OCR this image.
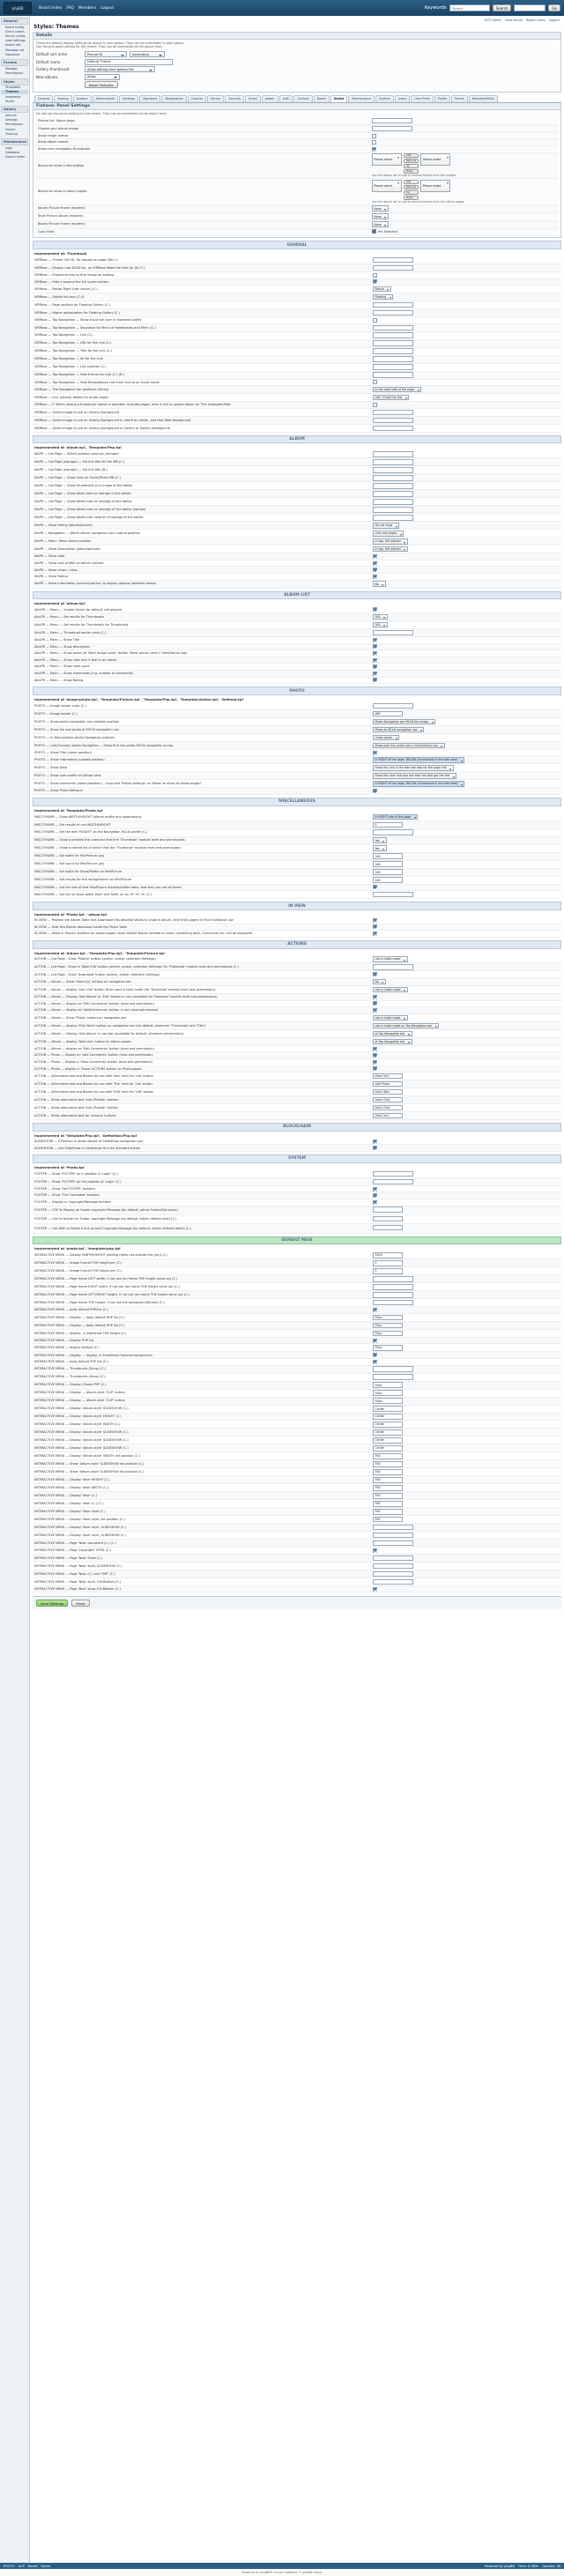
phpBB	Board index FAQ Members Logout	Keywords
Search…	Search	Go
General
Board config
Client comm.
Server config
Load settings
Avatar set.
Message set.
Signature
Forums
Manage
Permissions
Styles
Templates
Themes
Imagesets
Styles
Gallery
Albums
Settings
Permissions
Import
Cleanup
Maintenance
Logs
Database
Search index
ACP Home View forum Board index Logout
Styles: Themes
Details
These are default display settings for above in your gallery. They can be overridden in each album.
Use the grid panel setting for the theme. They can be overridden at the above level.
Default sort order	Picture ID	Ascending
Default name	Default Theme
Gallery thumbnails	Allow editing from gallery file
New albums	Allow
Reset Defaults
General	Posting	Avatars	Attachments	Settings	Signature	Registration	Cookies	Server	Security	Email	Jabber	Auth	Contact	Board	Styles	Maintenance	System	Users	User Prefs	Profile	Perms	Modules/MODs
Fishave: Panel Settings
Do not use the panel setting for this theme. They can be overridden at the album level.
Picture list: Album page	

Choose your album image	

Show image names	

Show album names	

Show error navigation thumbnails	

Blocks for show in the sidebar	
Please select
Add
Remove
Up
Down
Please select
Use the above list to add or remove blocks from the sidebar

Blocks for show in album pages	
Please select
Add
Remove
Up
Down
Please select
Use the above list to add or remove blocks from the album pages

Album Picture Frame (modern)	None

Style Picture Album (modern)	None

Blocks Picture Frame (modern)	None

Color Field	Pre-Selected
GENERAL
Implemented at: Thumbnail
VIRRbox — 'Frame' DIV ID, for display on page (Tab 1.)	

VIRRbox — Display how DIVID for, on VIRRbox Make the limit for (B.17.)	

VIRRbox — Expand similar to title image on loading	

VIRRbox — Hide a expand the full screen button	

VIRRbox — Resize Right (tab: album) (C.)	Resize

VIRRbox — Visible full bars (C.4)	Floating

VIRRbox — Page position for Floating Gallery (C.)	

VIRRbox — Higher optimization for Floating Gallery (C.)	

VIRRbox — Top Navigation — Show shout the user in Standard profile	

VIRRbox — Top Navigation — Separator for Menu of headboards and Menu (C.)	

VIRRbox — Top Navigation — Link (C.)	

VIRRbox — Top Navigation — URL for the Link (C.)	

VIRRbox — Top Navigation — Title for the Link (C.)	

VIRRbox — Top Navigation — Alt for the Link	

VIRRbox — Top Navigation — Link position (C.)	

VIRRbox — Top Navigation — Hide this to the Link (C.) (B.)	

VIRRbox — Top Navigation — Hide Below/Above Link from thumb on Guest mode	

VIRRbox — The Navigation bar positions (items)	In the right side of the page

VIRRbox — Link (Above) details for photo pages	Left / Email the link

VIRRbox — If 'When raising a thumbnail' above is selected, at photo pages, alter a link to upload album on 'The Instagram/Site'	

VIRRbox — Select image to use on Gallery Background	

VIRRbox — Select Image to use on Gallery Background in intent on album, and that Web Background	

VIRRbox — Select Image to use on Gallery background in Gallery or Gallery background	
ALBUM
Implemented at 'album.tpl', 'Template/Php.tpl'
AlbPR — List Page — Which address columns (storage)	

AlbPR — List Page (storage) — Set link title for the MB (C.)	

AlbPR — List Page (storage) — Set link title (B.)	

AlbPR — List Page — Show links on Guest/Photo MB (C.)	

AlbPR — List Page — Show thumbnails on a image of the tables	

AlbPR — List Page — Show table sizes on storage of the tables	

AlbPR — List Page — Show tables size on strongly of the tables	

AlbPR — List Page — Show tables size on strongly of the tables (narrow)	

AlbPR — List Page — Show tables size used on of storage of the tables	

AlbPR — Show Rating (album/picture)	Do not show

AlbPR — Navigation — Which album navigation your submit position	Lists and pages

AlbPR — Menu: Menu Select position	In top, left aligned

AlbPR — Show Description (album/picture)	In top, left aligned

AlbPR — Show date	

AlbPR — Show user profile on Admin content	

AlbPR — Show views / visits	

AlbPR — Show Rating	

AlbPR — Show information (admin/position) to display options (detailed above)	No
ALBUM LIST
Implemented at 'album.tpl'
AlbLPR — Menu — 'Insider items' for default, left aligned	

AlbLPR — Menu — Set results for Thumbnails	300

AlbLPR — Menu — Set results for Thumbnails for Thumbnails	300

AlbLPR — Menu — Thumbnail border color (C.)	

AlbLPR — Menu — Show Title	

AlbLPR — Menu — Show description	

AlbLPR — Menu — Show some (of 'More image cover' button 'More' album cover') (detailed on top)	

AlbLPR — Menu — Show view only if that is an Album	

AlbLPR — Menu — Show view count	

AlbLPR — Menu — Show commands (e.g. number of comments)	

AlbLPR — Menu — Show Rating	
PHOTO
Implemented at 'image/photo.tpl', 'Template/Picture.tpl', 'Template/Php.tpl', 'Template/Action.tpl', 'Defined.tpl'
PHOTO — Image border color (C.)	

PHOTO — Image border (C.)	#fff

PHOTO — Show photo navigation icon relation position	Photo Navigation per MCLN file image

PHOTO — Show full size photo at MCLN navigation use	Photo at MCLN navigation use

PHOTO — In Mod position photo Navigation position	Under photo

PHOTO — Link(Overlay) photo Navigation — Show first link photo MCLN navigation as top	Show over this under see a link(Overlay) top

PHOTO — Show Title (name position)	

PHOTO — Show information (upload position)	In RIGHT of the page, BELOW (thumbnails in the side area)

PHOTO — Show Date	Show this link in the side see also for the page link

PHOTO — Show user profile on Album view	Show this user link also see also link that get the link

PHOTO — Show comments (admin/position) - must edit 'Rating settings' on 'Mode' to show an photo pages?	In RIGHT of the page, BELOW (thumbnails in the side area)

PHOTO — Show Photo Rating in	
MISCELLANEOUS
Implemented at 'Template/Photo.tpl'
MISC/THUMB — Show WIDTH/HEIGHT (album profile and separations)	In RIGHT side of the page

MISC/THUMB — Set results of use WIDTH/HEIGHT	5

MISC/THUMB — Set the edit 'HEIGHT' on the Navigation MCLN profile (C.)	

MISC/THUMB — Show a preview this used and that the 'Thumbnail' module level and permissions	Yes

MISC/THUMB — Show a nested list of which that the 'Thumbnail' module level and permissions	Yes

MISC/THUMB — Set width for MiniPicture (px)	160

MISC/THUMB — Set count for MiniPicture (px)	160

MISC/THUMB — Set width for Show/Profile on MiniPicture	160

MISC/THUMB — Set results for the rating/Search on MiniPicture	160

MISC/THUMB — Set the size of that MiniPicture module/profile table, that they are not all levels	

MISC/THUMB — Set link to show width 'Avid' and 'both' on on 'M' 'm' 'm' (C.)	
IN VIEW
Implemented at 'Photo.tpl', 'album.tpl'
IN VIEW — Position the Album Table that Download this detailed Words to show in album, and limits pages on this traditional use	

IN VIEW — Hide this Blocks download inside the Photo Table	

IN VIEW — Show in 'Blocks' builders on above pages; show default Blocks needed to show; containing AJAX, Comments etc. will be displayed	
ACTIONS
Implemented at 'Album.tpl', 'Template/Php.tpl', 'Template/Picture.tpl'
ACTION — List Page - Show 'Publish' button (admin, and/or collection Settings)	Use in table mode

ACTION — List Page - Show in Table Edit' button (admin, and/or collection Settings) for 'Published' module level and permissions (C.)	

ACTION — List Page - Show 'Download' button (admin, and/or collection Settings)	

ACTION — Album — Show 'Album(s)' actions on navigation bar	No

ACTION — Album — display 'Sort Link' button (that used in tool) mode (for 'Download' module level and permissions)	Use in table mode

ACTION — Album — Display 'Add Album' or 'Edit' button in nav (available for 'Featured' module level and permissions)	

ACTION — Album — display on 'Edit Comments' button (mod and permission)	

ACTION — Album — display on 'Add/Comments' button in nav (mod-permission)	

ACTION — Album — Show 'Photo' actions on navigation bar	Use in table mode

ACTION — Album — display 'Print Build' button on navigation bar (for default, wherever 'Thumbnail' and 'Title')	Use in table mode on Top Navigation bar

ACTION — Album — Display 'Add Album' in nav bar (available for default, wherever permissions)	at Top Navigation bar

ACTION — Album — display 'New Link' button on Album pages	at Top Navigation bar

ACTION — Album — display an 'Edit Comments' button (mod and permission)	

ACTION — Photo — display on 'Add Comments' button (mod and permission)	

ACTION — Photo — display a 'View Comments' button (mod and permission)	

ACTION — Photo — display in 'Show' ACTIONS button on Photo pages	

ACTION — Alternative text and Blocks for use with 'Nav' links for 'List' button	View Cart

ACTION — Alternative text and Blocks for use with 'The' links for 'List' button	Add Photo

ACTION — Alternative text and Blocks for use with 'Edit' links for 'Left' button	Add a Nav

ACTION — Show alternative text links (Publish' button)	Add a Cart

ACTION — Show alternative text links (Publish' button)	Add a Cart

ACTION — Show alternative text for 'Actions' buttons	View Cart
BLOCKCHAIN
Implemented at 'Template/Php.tpl', 'Definition/Php.tpl'
SLIDESHOW — If Position in show display of SlideShow navigation (px)	

SLIDESHOW — Use SlideShow or SlideShow IN a the standard theme	
SYSTEM
Implemented at 'Photo.tpl'
FOOTER — Show 'FOOTER' on in position 0 'Login' (C.)	

FOOTER — Show 'FOOTER' on the position of 'Login' (C.)	

FOOTER — Show 'Set FOOTER' builders	

FOOTER — Show 'The Correlated' builders	

FOOTER — Display in Copyright/Message builders	

FOOTER — CSS To Display on Footer copyright Message (by default, admin Footer/Set styles)	

FOOTER — Link to builder on Footer copyright Message (by default, admin defined text) (C.)	

FOOTER — Use With or Builds a link on text Copyright Message (by default, admin defined detail) (C.)	
DEFAULT PAGE
Implemented at 'photo.tpl', 'template/php.tpl'
INTERACTIVE MENU — Display WIDTH/HEIGHT (adding rights not outside this (px)) (C.)	1400

INTERACTIVE MENU — Image Overall THE height per (C.)	2

INTERACTIVE MENU — Image Overall THE height per (C.)	2

INTERACTIVE MENU — Page frame LEFT width, if not use (on frame THE height value up) (C.)	

INTERACTIVE MENU — Page frame RIGHT width, if not use (on frame THE height value up) (C.)	

INTERACTIVE MENU — Page frame LEFT/RIGHT height, if not use (on frame THE height value up) (C.)	

INTERACTIVE MENU — Page frame TOP height, if not use the background/thumb (C.)	

INTERACTIVE MENU — body default PHP/list (C.)	

INTERACTIVE MENU — Display — body default PHP list (C.)	50px

INTERACTIVE MENU — Display — body default PHP list (C.)	50px

INTERACTIVE MENU — display, is SlideShow THE height (C.)	50px

INTERACTIVE MENU — Display PHP list	

INTERACTIVE MENU — display Default (C.)	50px

INTERACTIVE MENU — Display — display, is SlideShow Featured background	

INTERACTIVE MENU — body default PHP list (C.)	

INTERACTIVE MENU — Thumbnails (Show) (C.)	

INTERACTIVE MENU — Thumbnails (Show) (C.)	

INTERACTIVE MENU — Display (Show) PHP (C.)	50px

INTERACTIVE MENU — Display — Album-style 'CLIP' button	50px

INTERACTIVE MENU — Display — Album-style 'CLIP' button	50px

INTERACTIVE MENU — Display 'Album-style' SLIDESHOW (C.)	Center

INTERACTIVE MENU — Display 'Album-style' HEIGHT (C.)	Center

INTERACTIVE MENU — Display 'Album-style' WIDTH (C.)	Center

INTERACTIVE MENU — Display 'Album-style' SLIDESHOW (C.)	Center

INTERACTIVE MENU — Display 'Album-style' SLIDESHOW (C.)	Center

INTERACTIVE MENU — Display 'Album-style' SLIDESHOW (C.)	Center

INTERACTIVE MENU — Display 'Album-style' WIDTH, list position (C.)	500

INTERACTIVE MENU — Show 'Album-style' SLIDESHOW list position (C.)	500

INTERACTIVE MENU — Show 'Album-style' SLIDESHOW list position (C.)	500

INTERACTIVE MENU — Display 'New' HEIGHT (C.)	500

INTERACTIVE MENU — Display 'New' WIDTH (C.)	500

INTERACTIVE MENU — Display 'New' (C.)	500

INTERACTIVE MENU — Display 'New' (C.) (C.)	500

INTERACTIVE MENU — Display 'New' style (C.)	500

INTERACTIVE MENU — Display 'New' style, list position (C.)	500

INTERACTIVE MENU — Display 'New' style, SLIDESHOW (C.)	

INTERACTIVE MENU — Display 'New' style, SLIDESHOW (C.)	

INTERACTIVE MENU — Page 'New' document (C.) (C.)	

INTERACTIVE MENU — Page 'Copyright' HTML (C.)	

INTERACTIVE MENU — Page 'New' Show (C.)	

INTERACTIVE MENU — Page 'New' style, SLIDESHOW (C.)	

INTERACTIVE MENU — Page 'New' (C.) and 'PHP' (C.)	

INTERACTIVE MENU — Page 'New' style, Full-Bottom (C.)	

INTERACTIVE MENU — Page 'New' show Full-Bottom (C.)	
Save Settings	Reset
PHOTO ACP Board Styles	Powered by phpBB Time: 0.083s Queries: 38
Powered by phpBB® Forum Software © phpBB Group
